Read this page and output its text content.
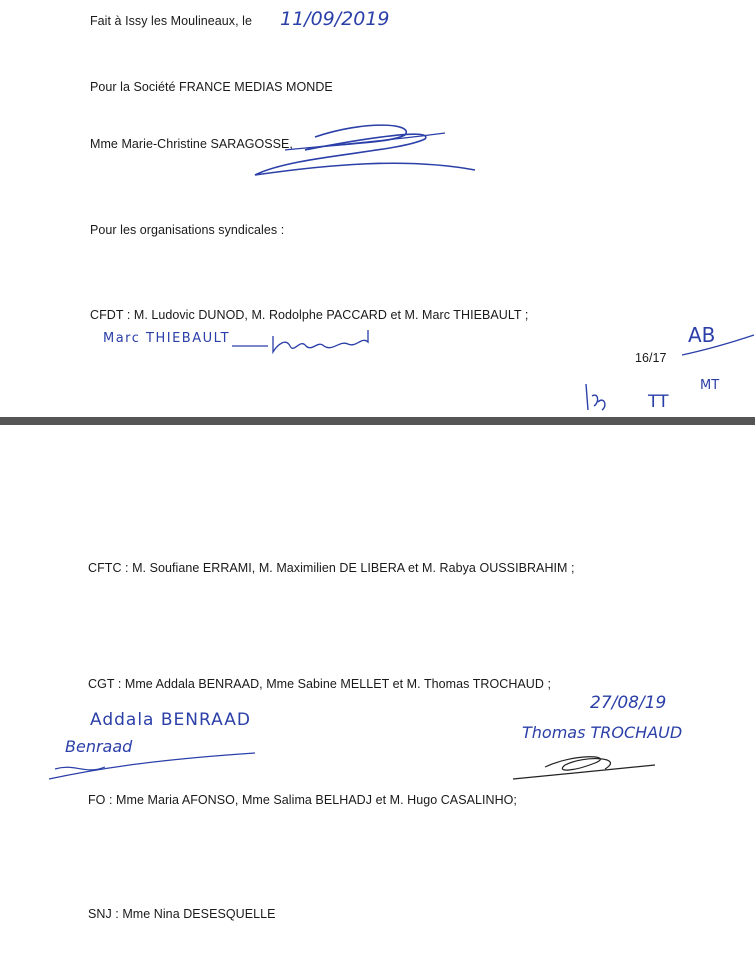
Fait à Issy les Moulineaux, le 11/09/2019
Pour la Société FRANCE MEDIAS MONDE
Mme Marie-Christine SARAGOSSE,
Pour les organisations syndicales :
CFDT : M. Ludovic DUNOD, M. Rodolphe PACCARD et M. Marc THIEBAULT ;
Marc THIEBAULT
16/17
AB
MT
TT
CFTC : M. Soufiane ERRAMI, M. Maximilien DE LIBERA et M. Rabya OUSSIBRAHIM ;
CGT : Mme Addala BENRAAD, Mme Sabine MELLET et M. Thomas TROCHAUD ;
27/08/19
Addala BENRAAD
Benraad
Thomas TROCHAUD
FO : Mme Maria AFONSO, Mme Salima BELHADJ et M. Hugo CASALINHO;
SNJ : Mme Nina DESESQUELLE
